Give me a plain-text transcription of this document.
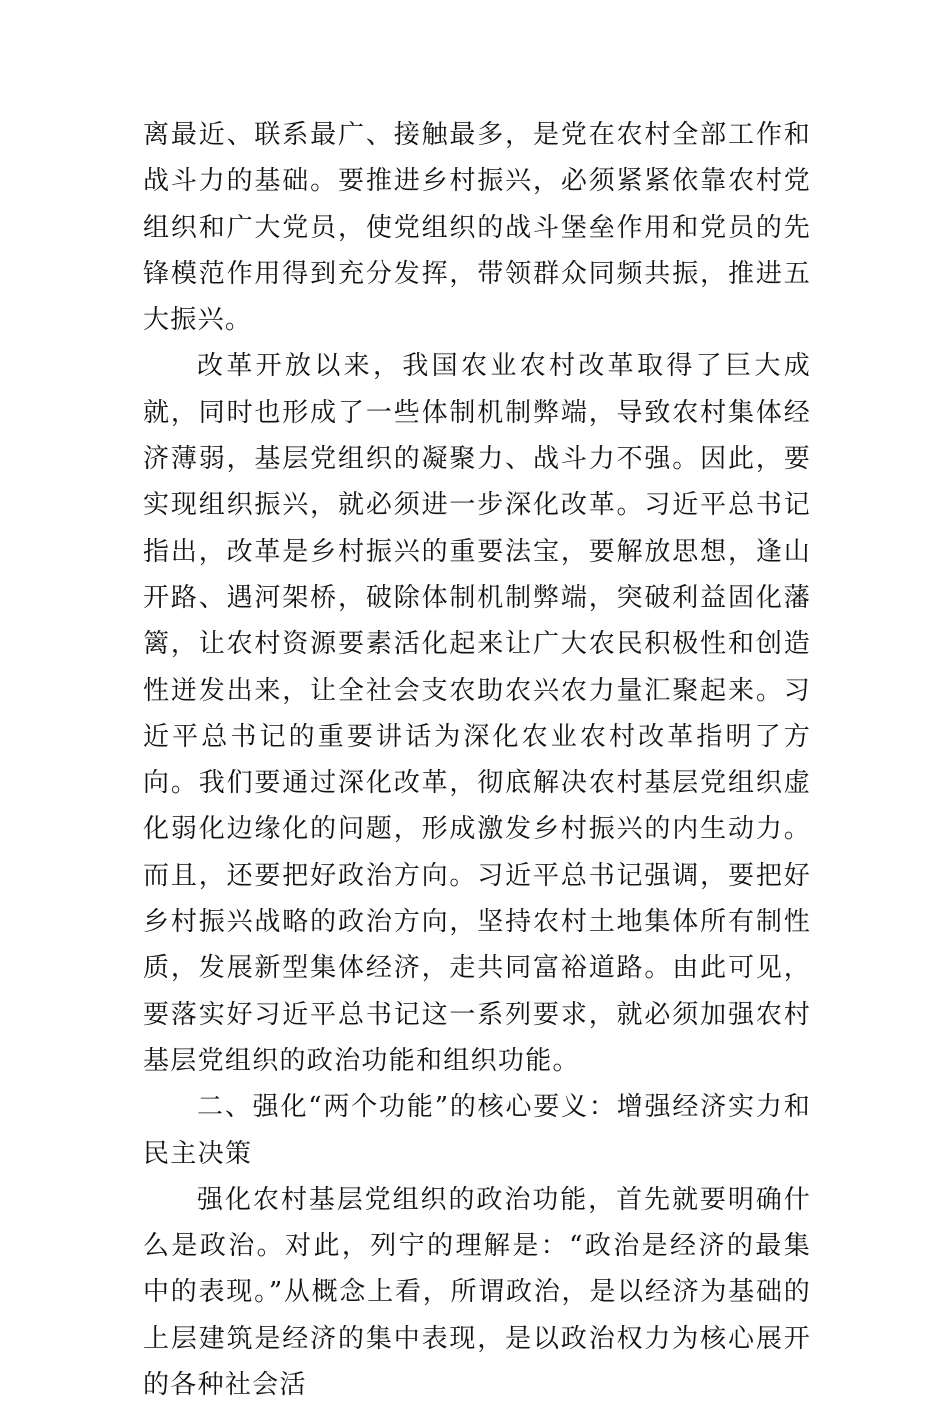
离最近、联系最广、接触最多，是党在农村全部工作和战斗力的基础。要推进乡村振兴，必须紧紧依靠农村党组织和广大党员，使党组织的战斗堡垒作用和党员的先锋模范作用得到充分发挥，带领群众同频共振，推进五大振兴。

改革开放以来，我国农业农村改革取得了巨大成就，同时也形成了一些体制机制弊端，导致农村集体经济薄弱，基层党组织的凝聚力、战斗力不强。因此，要实现组织振兴，就必须进一步深化改革。习近平总书记指出，改革是乡村振兴的重要法宝，要解放思想，逢山开路、遇河架桥，破除体制机制弊端，突破利益固化藩篱，让农村资源要素活化起来让广大农民积极性和创造性迸发出来，让全社会支农助农兴农力量汇聚起来。习近平总书记的重要讲话为深化农业农村改革指明了方向。我们要通过深化改革，彻底解决农村基层党组织虚化弱化边缘化的问题，形成激发乡村振兴的内生动力。而且，还要把好政治方向。习近平总书记强调，要把好乡村振兴战略的政治方向，坚持农村土地集体所有制性质，发展新型集体经济，走共同富裕道路。由此可见，要落实好习近平总书记这一系列要求，就必须加强农村基层党组织的政治功能和组织功能。

二、强化“两个功能”的核心要义：增强经济实力和民主决策

强化农村基层党组织的政治功能，首先就要明确什么是政治。对此，列宁的理解是：“政治是经济的最集中的表现。”从概念上看，所谓政治，是以经济为基础的上层建筑是经济的集中表现，是以政治权力为核心展开的各种社会活
